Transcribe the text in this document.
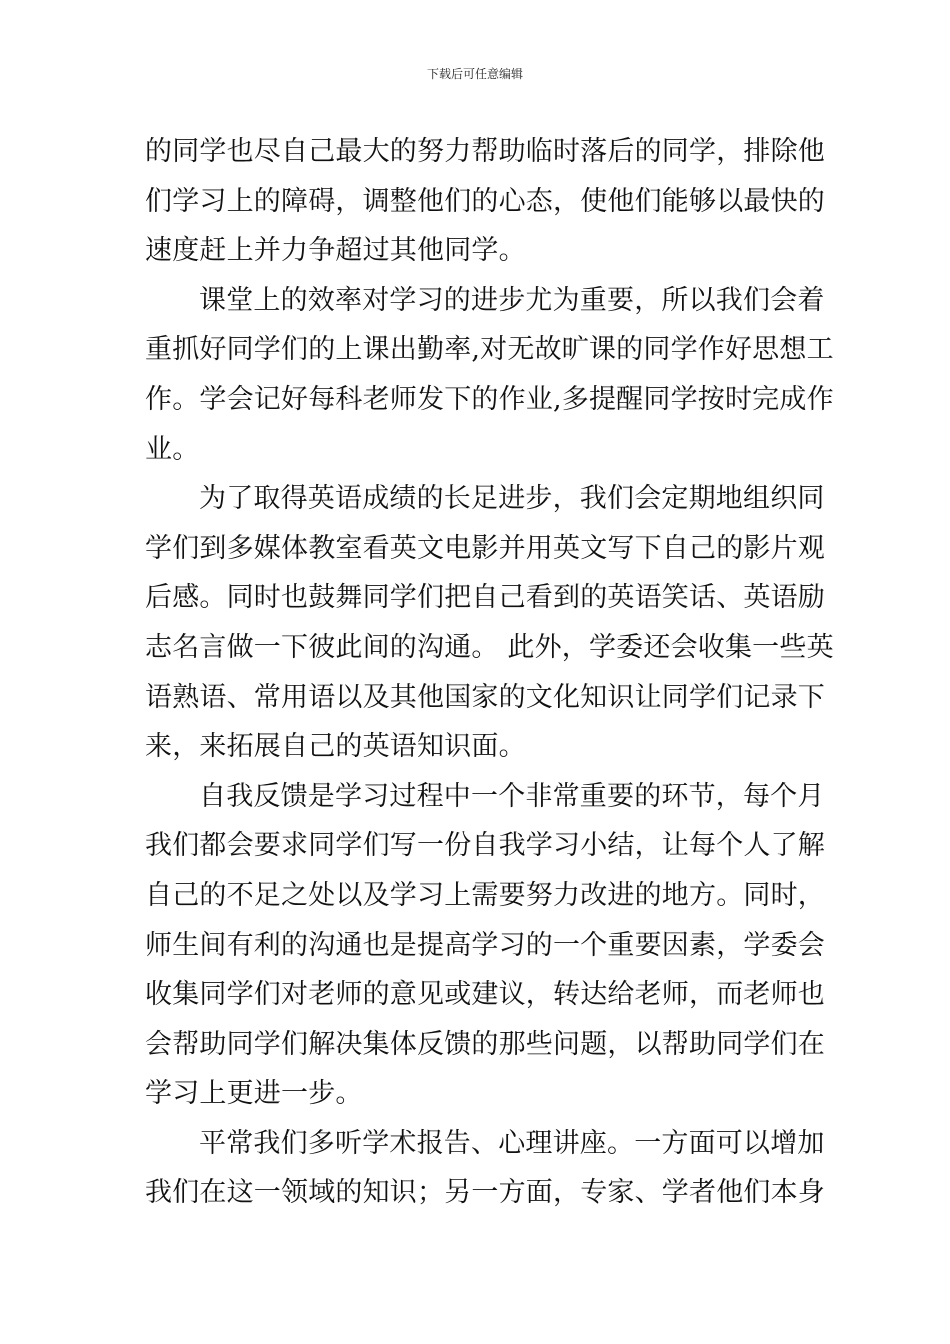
下载后可任意编辑
的同学也尽自己最大的努力帮助临时落后的同学，排除他
们学习上的障碍，调整他们的心态，使他们能够以最快的
速度赶上并力争超过其他同学。
课堂上的效率对学习的进步尤为重要，所以我们会着
重抓好同学们的上课出勤率,对无故旷课的同学作好思想工
作。学会记好每科老师发下的作业,多提醒同学按时完成作
业。
为了取得英语成绩的长足进步，我们会定期地组织同
学们到多媒体教室看英文电影并用英文写下自己的影片观
后感。同时也鼓舞同学们把自己看到的英语笑话、英语励
志名言做一下彼此间的沟通。 此外，学委还会收集一些英
语熟语、常用语以及其他国家的文化知识让同学们记录下
来，来拓展自己的英语知识面。
自我反馈是学习过程中一个非常重要的环节，每个月
我们都会要求同学们写一份自我学习小结，让每个人了解
自己的不足之处以及学习上需要努力改进的地方。同时，
师生间有利的沟通也是提高学习的一个重要因素，学委会
收集同学们对老师的意见或建议，转达给老师，而老师也
会帮助同学们解决集体反馈的那些问题，以帮助同学们在
学习上更进一步。
平常我们多听学术报告、心理讲座。一方面可以增加
我们在这一领域的知识；另一方面，专家、学者他们本身
